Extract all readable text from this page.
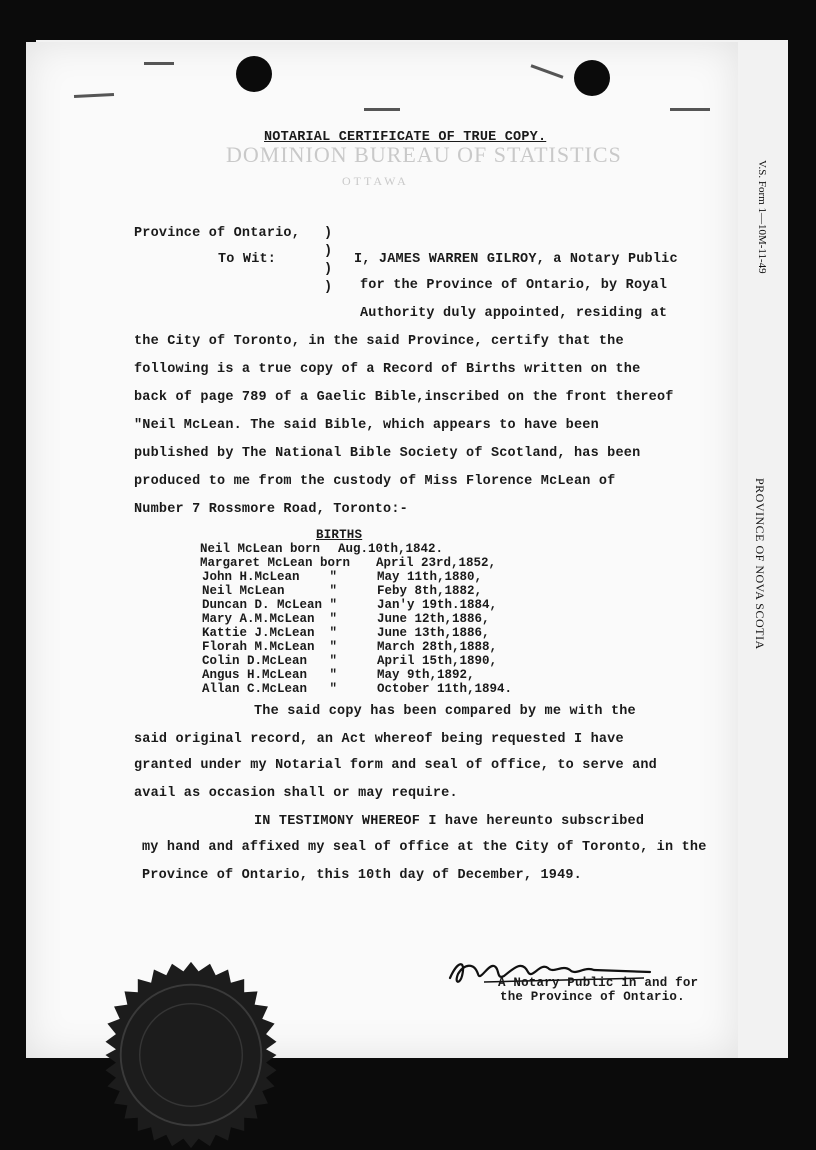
DOMINION BUREAU OF STATISTICS
OTTAWA
NOTARIAL CERTIFICATE OF TRUE COPY.
Province of Ontario,
To Wit:
)
)
)
)
I, JAMES WARREN GILROY, a Notary Public
for the Province of Ontario, by Royal
Authority duly appointed, residing at
the City of Toronto, in the said Province, certify that the
following is a true copy of a Record of Births written on the
back of page 789 of a Gaelic Bible,inscribed on the front thereof
"Neil McLean. The said Bible, which appears to have been
published by The National Bible Society of Scotland, has been
produced to me from the custody of Miss Florence McLean of
Number 7 Rossmore Road, Toronto:-
BIRTHS
Neil McLean born Aug.10th,1842.
Margaret McLean born April 23rd,1852,
John H.McLean    "	May 11th,1880,
Neil McLean      "	Feby 8th,1882,
Duncan D. McLean "	Jan'y 19th.1884,
Mary A.M.McLean  "	June 12th,1886,
Kattie J.McLean  "	June 13th,1886,
Florah M.McLean  "	March 28th,1888,
Colin D.McLean   "	April 15th,1890,
Angus H.McLean   "	May 9th,1892,
Allan C.McLean   "	October 11th,1894.
The said copy has been compared by me with the
said original record, an Act whereof being requested I have
granted under my Notarial form and seal of office, to serve and
avail as occasion shall or may require.
IN TESTIMONY WHEREOF I have hereunto subscribed
my hand and affixed my seal of office at the City of Toronto, in the
Province of Ontario, this 10th day of December, 1949.
A Notary Public in and for
the Province of Ontario.
V.S. Form 1—10M-11-49
PROVINCE OF NOVA SCOTIA
